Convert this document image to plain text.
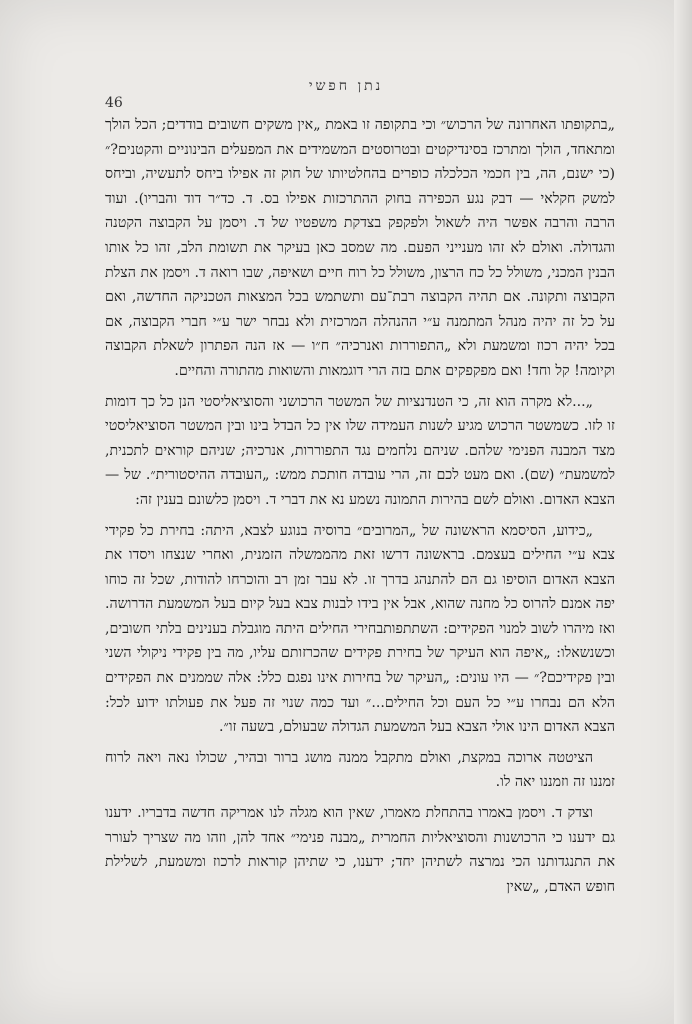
נתן חפשי
46

„בתקופתו האחרונה של הרכוש״ וכי בתקופה זו באמת „אין משקים חשובים בודדים; הכל הולך ומתאחד, הולך ומתרכז בסינדיקטים ובטרוסטים המשמידים את המפעלים הבינוניים והקטנים?״ (כי ישנם, הה, בין חכמי הכלכלה כופרים בהחלטיותו של חוק זה אפילו ביחס לתעשיה, וביחס למשק חקלאי — דבק נגע הכפירה בחוק ההתרכזות אפילו בס. ד. כד״ר דוד והבריו). ועוד הרבה והרבה אפשר היה לשאול ולפקפק בצדקת משפטיו של ד. ויסמן על הקבוצה הקטנה והגדולה. ואולם לא זהו מענייני הפעם. מה שמסב כאן בעיקר את תשומת הלב, זהו כל אותו הבנין המכני, משולל כל כח הרצון, משולל כל רוח חיים ושאיפה, שבו רואה ד. ויסמן את הצלת הקבוצה ותקונה. אם תהיה הקבוצה רבת־עם ותשתמש בכל המצאות הטכניקה החדשה, ואם על כל זה יהיה מנהל המתמנה ע״י ההנהלה המרכזית ולא נבחר ישר ע״י חברי הקבוצה, אם בכל יהיה רכוז ומשמעת ולא „התפוררות ואנרכיה״ ח״ו — אז הנה הפתרון לשאלת הקבוצה וקיומה! קל וחד! ואם מפקפקים אתם בזה הרי דוגמאות והשואות מהתורה והחיים.

„...לא מקרה הוא זה, כי הטנדנציות של המשטר הרכושני והסוציאליסטי הנן כל כך דומות זו לזו. כשמשטר הרכוש מגיע לשנות העמידה שלו אין כל הבדל בינו ובין המשטר הסוציאליסטי מצד המבנה הפנימי שלהם. שניהם נלחמים נגד התפוררות, אנרכיה; שניהם קוראים לתכנית, למשמעת״ (שם). ואם מעט לכם זה, הרי עובדה חותכת ממש: „העובדה ההיסטורית״. של — הצבא האדום. ואולם לשם בהירות התמונה נשמע נא את דברי ד. ויסמן כלשונם בענין זה:

„כידוע, הסיסמא הראשונה של „המרובים״ ברוסיה בנוגע לצבא, היתה: בחירת כל פקידי צבא ע״י החילים בעצמם. בראשונה דרשו זאת מהממשלה הזמנית, ואחרי שנצחו ויסדו את הצבא האדום הוסיפו גם הם להתנהג בדרך זו. לא עבר זמן רב והוכרחו להודות, שכל זה כוחו יפה אמנם להרוס כל מחנה שהוא, אבל אין בידו לבנות צבא בעל קיום בעל המשמעת הדרושה. ואז מיהרו לשוב למנוי הפקידים: השתתפותבחירי החילים היתה מוגבלת בענינים בלתי חשובים, וכשנשאלו: „איפה הוא העיקר של בחירת פקידים שהכרזותם עליו, מה בין פקידי ניקולי השני ובין פקידיכם?״ — היו עונים: „העיקר של בחירות אינו נפגם כלל: אלה שממנים את הפקידים הלא הם נבחרו ע״י כל העם וכל החילים...״ ועד כמה שנוי זה פעל את פעולתו ידוע לכל: הצבא האדום הינו אולי הצבא בעל המשמעת הגדולה שבעולם, בשעה זו״.

הציטטה ארוכה במקצת, ואולם מתקבל ממנה מושג ברור ובהיר, שכולו נאה ויאה לרוח זמננו זה וזמננו יאה לו.

וצדק ד. ויסמן באמרו בהתחלת מאמרו, שאין הוא מגלה לנו אמריקה חדשה בדבריו. ידענו גם ידענו כי הרכושנות והסוציאליות החמרית „מבנה פנימי״ אחד להן, וזהו מה שצריך לעורר את התנגדותנו הכי נמרצה לשתיהן יחד; ידענו, כי שתיהן קוראות לרכוז ומשמעת, לשלילת חופש האדם, „שאין
